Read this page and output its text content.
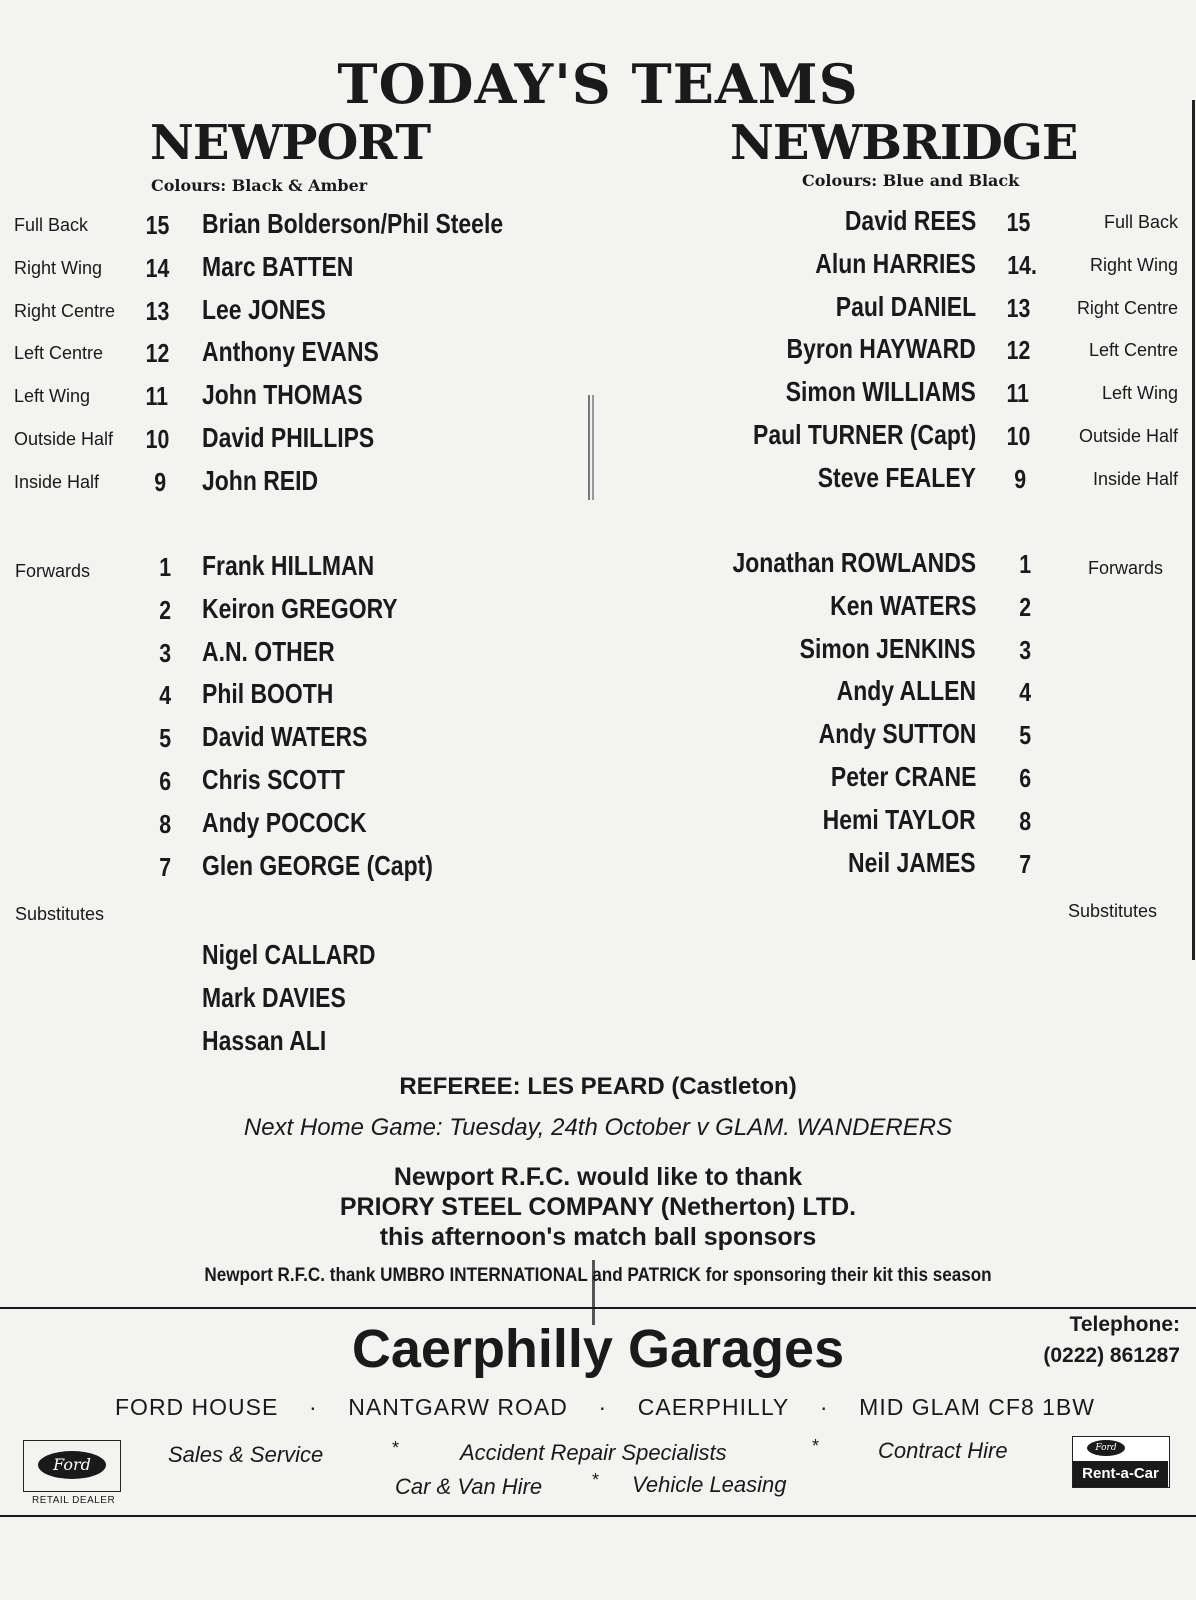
TODAY'S TEAMS
NEWPORT
Colours: Black & Amber
NEWBRIDGE
Colours: Blue and Black
Full Back 15 Brian Bolderson/Phil Steele
Right Wing 14 Marc BATTEN
Right Centre 13 Lee JONES
Left Centre 12 Anthony EVANS
Left Wing 11 John THOMAS
Outside Half 10 David PHILLIPS
Inside Half 9 John REID
David REES 15	Full Back
Alun HARRIES 14.	Right Wing
Paul DANIEL 13	Right Centre
Byron HAYWARD 12	Left Centre
Simon WILLIAMS 11	Left Wing
Paul TURNER (Capt) 10	Outside Half
Steve FEALEY 9	Inside Half
Forwards	Forwards
1 Frank HILLMAN
2 Keiron GREGORY
3 A.N. OTHER
4 Phil BOOTH
5 David WATERS
6 Chris SCOTT
8 Andy POCOCK
7 Glen GEORGE (Capt)
Jonathan ROWLANDS 1
Ken WATERS 2
Simon JENKINS 3
Andy ALLEN 4
Andy SUTTON 5
Peter CRANE 6
Hemi TAYLOR 8
Neil JAMES 7
Substitutes	Substitutes
Nigel CALLARD
Mark DAVIES
Hassan ALI
REFEREE: LES PEARD (Castleton)
Next Home Game: Tuesday, 24th October v GLAM. WANDERERS
Newport R.F.C. would like to thank
PRIORY STEEL COMPANY (Netherton) LTD.
this afternoon's match ball sponsors
Newport R.F.C. thank UMBRO INTERNATIONAL and PATRICK for sponsoring their kit this season
Caerphilly Garages	Telephone:
(0222) 861287
FORD HOUSE · NANTGARW ROAD · CAERPHILLY · MID GLAM CF8 1BW
Sales & Service	*	Accident Repair Specialists	*	Contract Hire
Car & Van Hire	* Vehicle Leasing
Ford
RETAIL DEALER
Ford
Rent-a-Car
